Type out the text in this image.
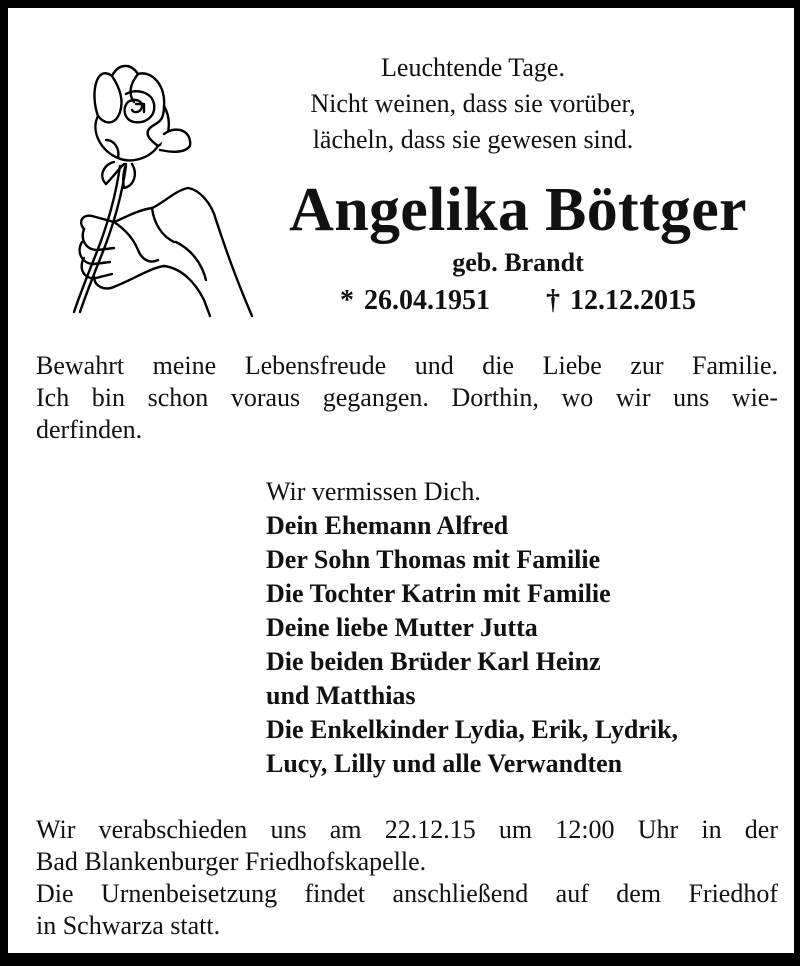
Leuchtende Tage.
Nicht weinen, dass sie vorüber,
lächeln, dass sie gewesen sind.
Angelika Böttger
geb. Brandt
* 26.04.1951 † 12.12.2015
Bewahrt meine Lebensfreude und die Liebe zur Familie.
Ich bin schon voraus gegangen. Dorthin, wo wir uns wie-
derfinden.
Wir vermissen Dich.
Dein Ehemann Alfred
Der Sohn Thomas mit Familie
Die Tochter Katrin mit Familie
Deine liebe Mutter Jutta
Die beiden Brüder Karl Heinz
und Matthias
Die Enkelkinder Lydia, Erik, Lydrik,
Lucy, Lilly und alle Verwandten
Wir verabschieden uns am 22.12.15 um 12:00 Uhr in der
Bad Blankenburger Friedhofskapelle.
Die Urnenbeisetzung findet anschließend auf dem Friedhof
in Schwarza statt.
